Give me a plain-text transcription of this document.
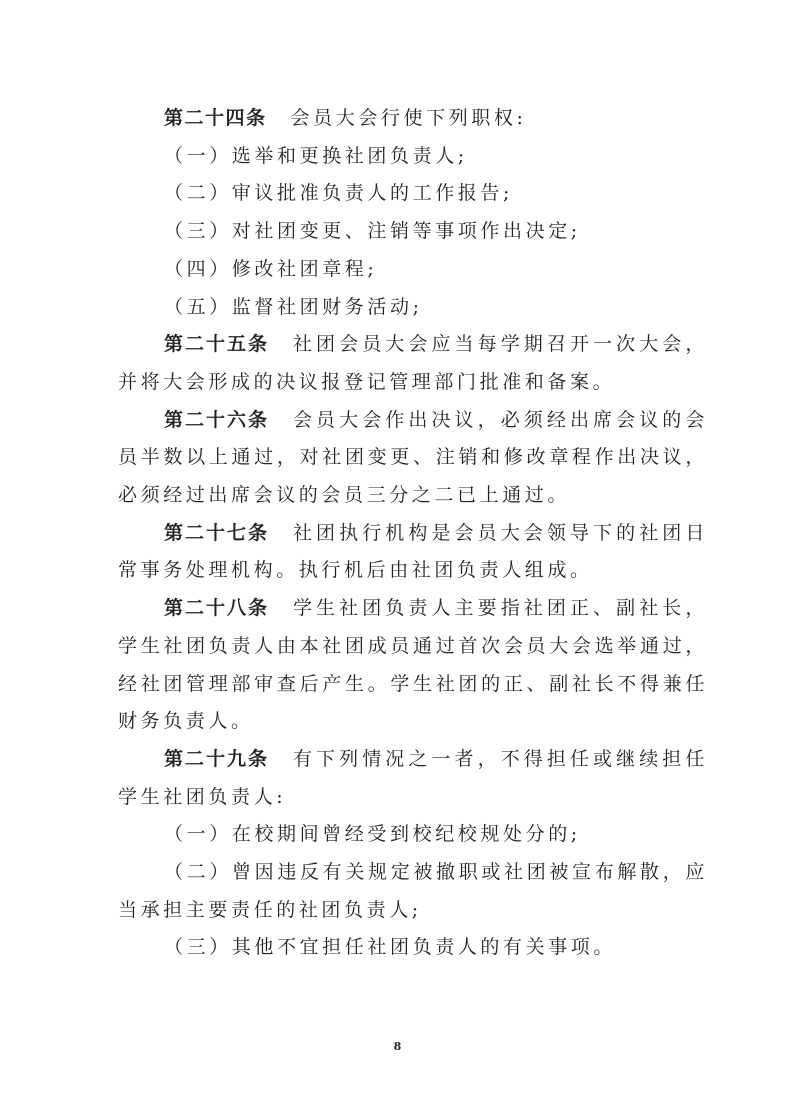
第二十四条 会员大会行使下列职权:

（一）选举和更换社团负责人;

（二）审议批准负责人的工作报告;

（三）对社团变更、注销等事项作出决定;

（四）修改社团章程;

（五）监督社团财务活动;

第二十五条 社团会员大会应当每学期召开一次大会，并将大会形成的决议报登记管理部门批准和备案。

第二十六条 会员大会作出决议，必须经出席会议的会员半数以上通过，对社团变更、注销和修改章程作出决议，必须经过出席会议的会员三分之二已上通过。

第二十七条 社团执行机构是会员大会领导下的社团日常事务处理机构。执行机后由社团负责人组成。

第二十八条 学生社团负责人主要指社团正、副社长，学生社团负责人由本社团成员通过首次会员大会选举通过，经社团管理部审查后产生。学生社团的正、副社长不得兼任财务负责人。

第二十九条 有下列情况之一者，不得担任或继续担任学生社团负责人:

（一）在校期间曾经受到校纪校规处分的;

（二）曾因违反有关规定被撤职或社团被宣布解散，应当承担主要责任的社团负责人;

（三）其他不宜担任社团负责人的有关事项。

8
